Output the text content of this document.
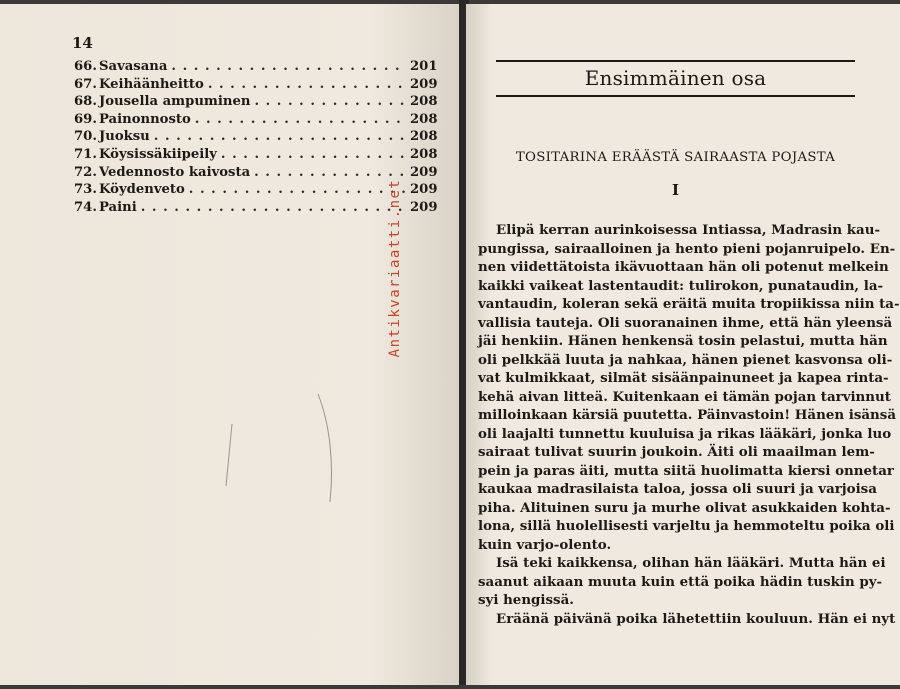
14
66. Savasana . . .	201
67. Keihäänheitto . . .	209
68. Jousella ampuminen . . .	208
69. Painonnosto . . .	208
70. Juoksu . . .	208
71. Köysissäkiipeily . . .	208
72. Vedennosto kaivosta . . .	209
73. Köydenveto . . .	209
74. Paini . . .	209
Antikvariaatti.net
Ensimmäinen osa
TOSITARINA ERÄÄSTÄ SAIRAASTA POJASTA
I
Elipä kerran aurinkoisessa Intiassa, Madrasin kau-
pungissa, sairaalloinen ja hento pieni pojanruipelo. En-
nen viidettätoista ikävuottaan hän oli potenut melkein
kaikki vaikeat lastentaudit: tulirokon, punataudin, la-
vantaudin, koleran sekä eräitä muita tropiikissa niin ta-
vallisia tauteja. Oli suoranainen ihme, että hän yleensä
jäi henkiin. Hänen henkensä tosin pelastui, mutta hän
oli pelkkää luuta ja nahkaa, hänen pienet kasvonsa oli-
vat kulmikkaat, silmät sisäänpainuneet ja kapea rinta-
kehä aivan litteä. Kuitenkaan ei tämän pojan tarvinnut
milloinkaan kärsiä puutetta. Päinvastoin! Hänen isänsä
oli laajalti tunnettu kuuluisa ja rikas lääkäri, jonka luo
sairaat tulivat suurin joukoin. Äiti oli maailman lem-
pein ja paras äiti, mutta siitä huolimatta kiersi onnetar
kaukaa madrasilaista taloa, jossa oli suuri ja varjoisa
piha. Alituinen suru ja murhe olivat asukkaiden kohta-
lona, sillä huolellisesti varjeltu ja hemmoteltu poika oli
kuin varjo-olento.
Isä teki kaikkensa, olihan hän lääkäri. Mutta hän ei
saanut aikaan muuta kuin että poika hädin tuskin py-
syi hengissä.
Eräänä päivänä poika lähetettiin kouluun. Hän ei nyt
